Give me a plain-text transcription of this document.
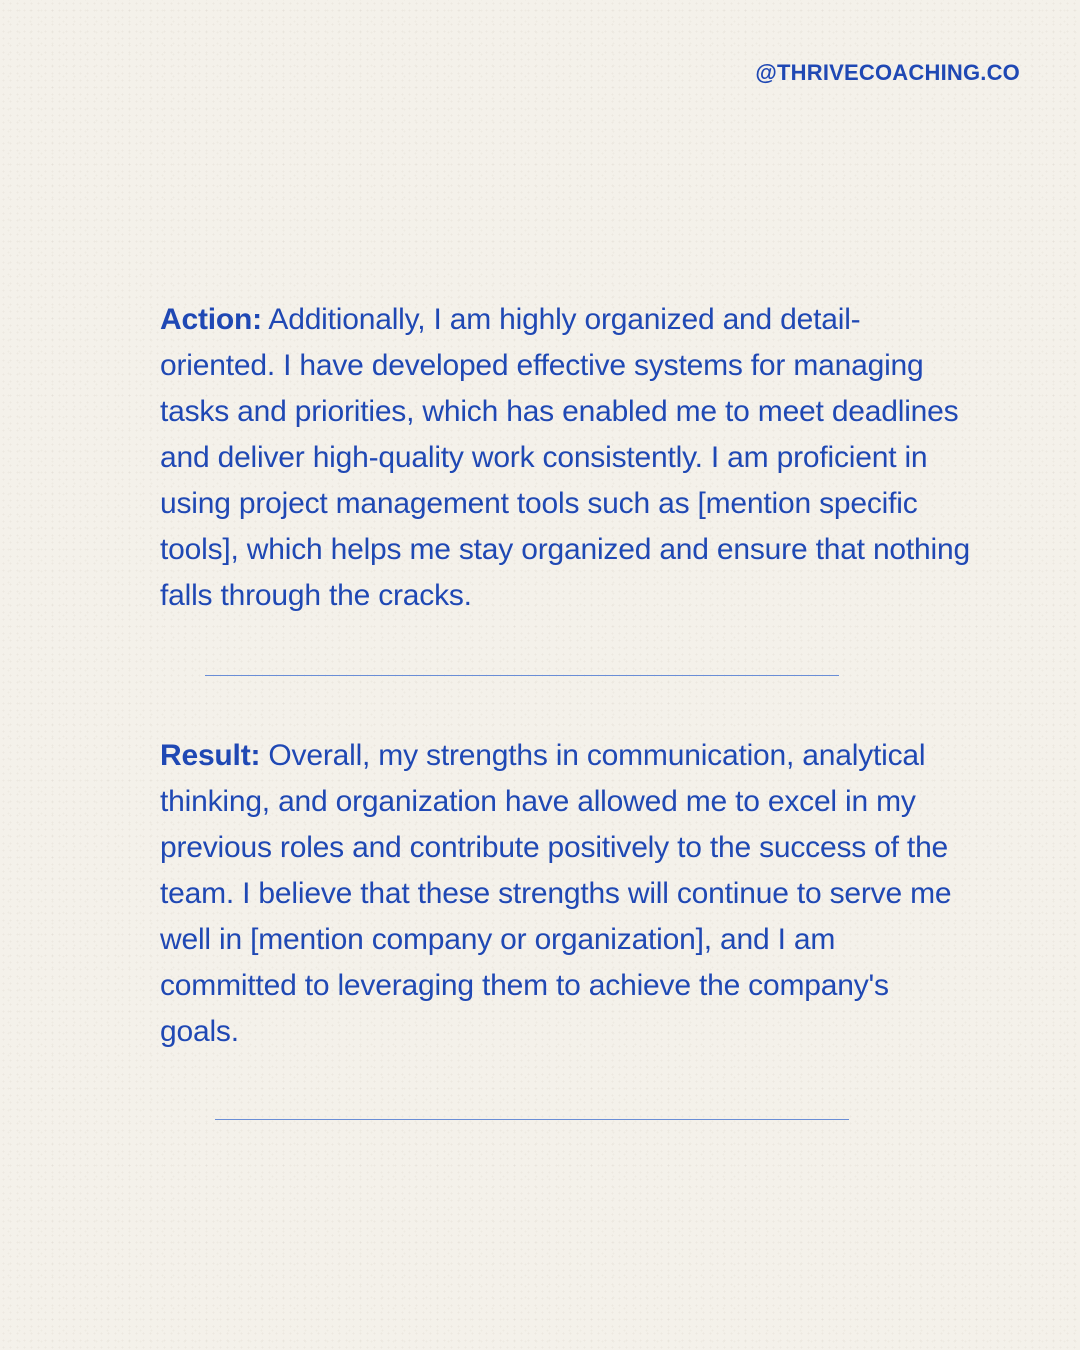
@THRIVECOACHING.CO

Action: Additionally, I am highly organized and detail-oriented. I have developed effective systems for managing tasks and priorities, which has enabled me to meet deadlines and deliver high-quality work consistently. I am proficient in using project management tools such as [mention specific tools], which helps me stay organized and ensure that nothing falls through the cracks.

Result: Overall, my strengths in communication, analytical thinking, and organization have allowed me to excel in my previous roles and contribute positively to the success of the team. I believe that these strengths will continue to serve me well in [mention company or organization], and I am committed to leveraging them to achieve the company's goals.
